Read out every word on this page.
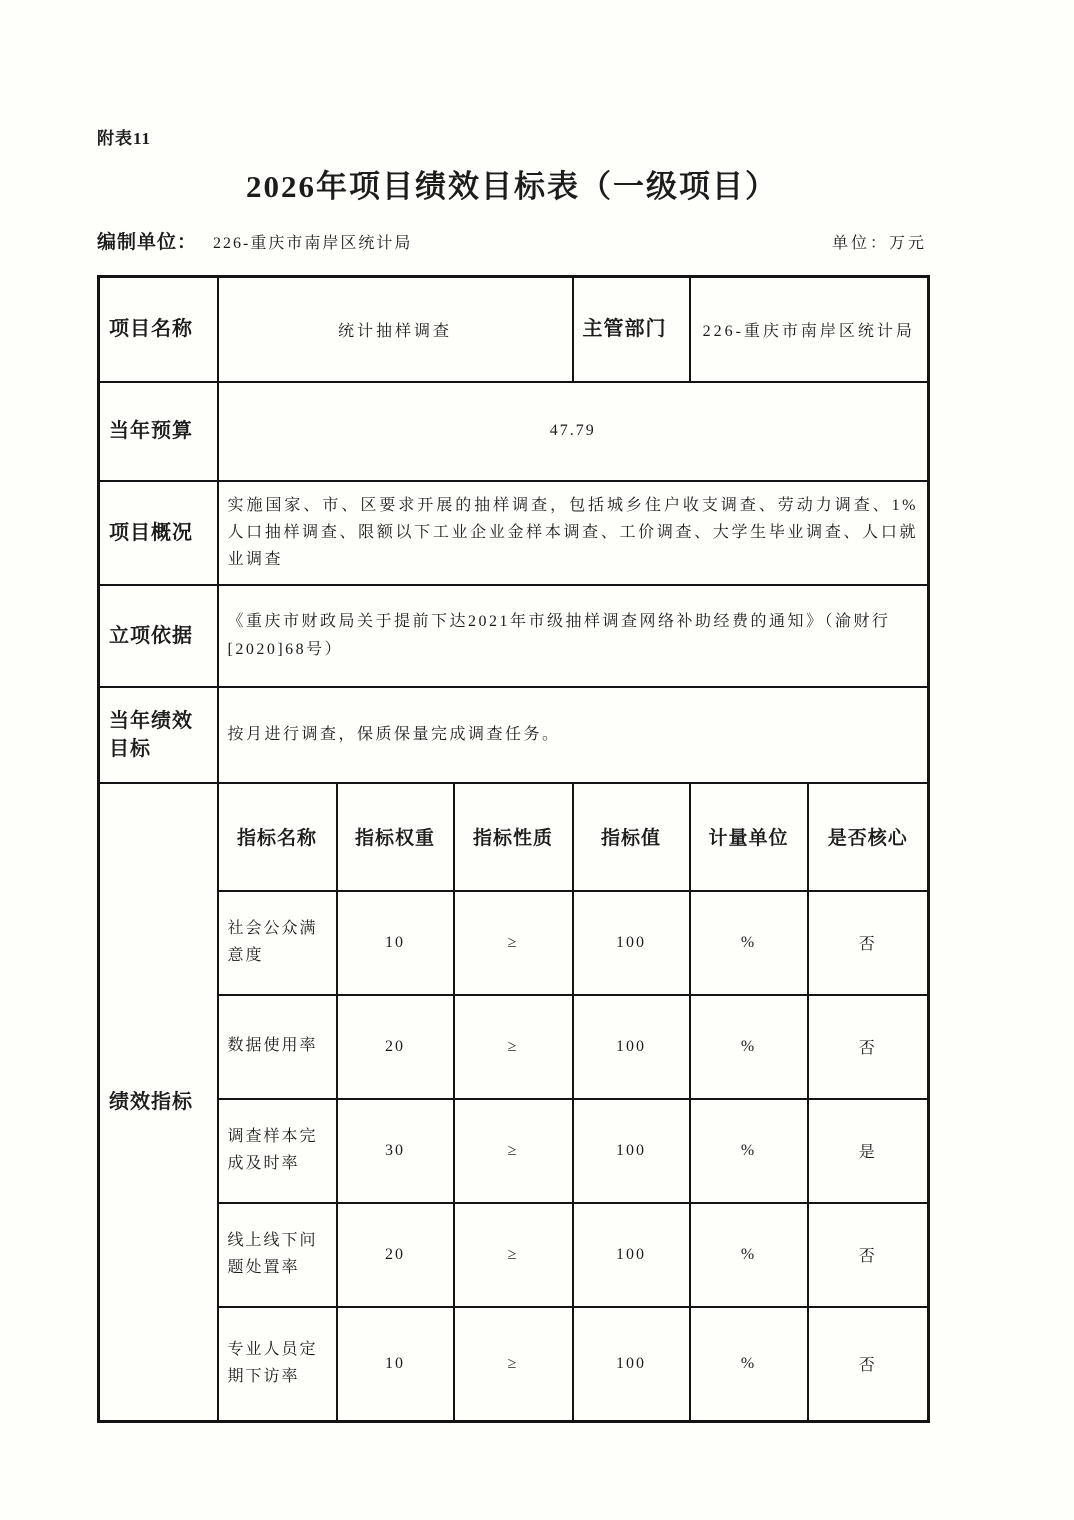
附表11
2026年项目绩效目标表（一级项目）
编制单位： 226-重庆市南岸区统计局	单位：万元
项目名称	统计抽样调查			主管部门	226-重庆市南岸区统计局	
当年预算	47.79					
项目概况	实施国家、市、区要求开展的抽样调查，包括城乡住户收支调查、劳动力调查、1%人口抽样调查、限额以下工业企业金样本调查、工价调查、大学生毕业调查、人口就业调查					
立项依据	《重庆市财政局关于提前下达2021年市级抽样调查网络补助经费的通知》（渝财行[2020]68号）					
当年绩效目标	按月进行调查，保质保量完成调查任务。					
绩效指标	指标名称	指标权重	指标性质	指标值	计量单位	是否核心
	社会公众满意度	10	≥	100	%	否
	数据使用率	20	≥	100	%	否
	调查样本完成及时率	30	≥	100	%	是
	线上线下问题处置率	20	≥	100	%	否
	专业人员定期下访率	10	≥	100	%	否
